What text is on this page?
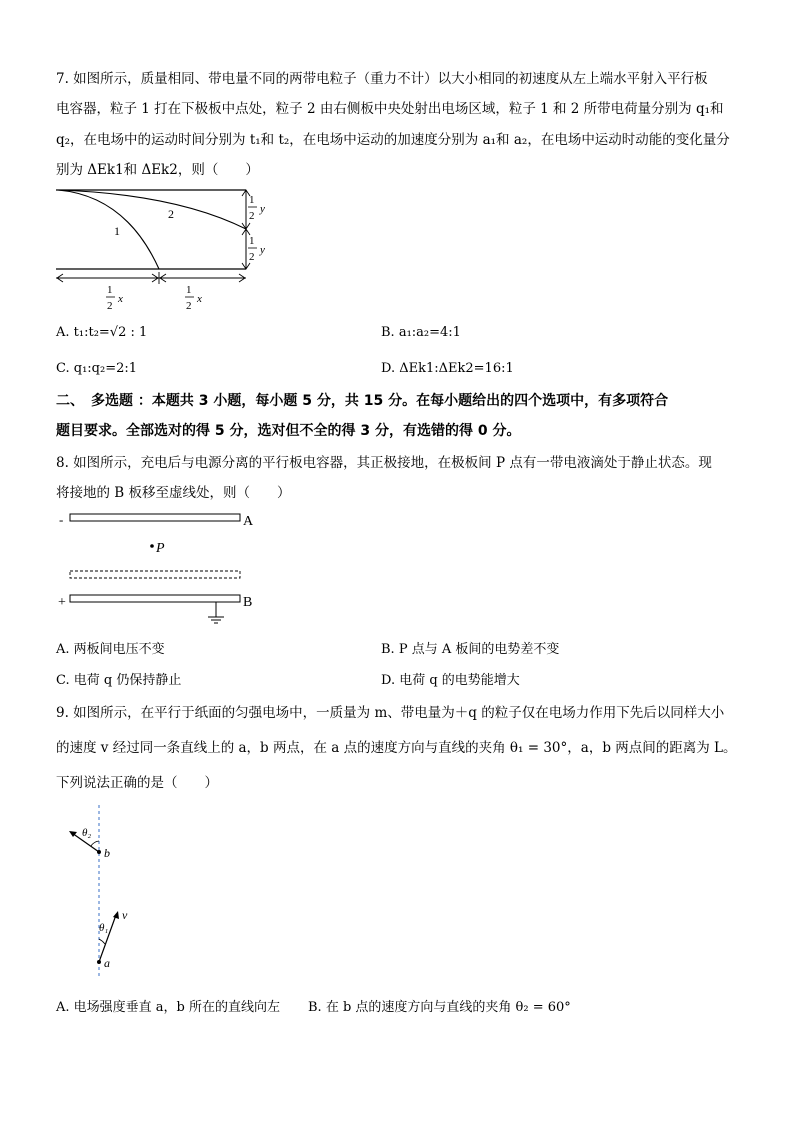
7. 如图所示，质量相同、带电量不同的两带电粒子（重力不计）以大小相同的初速度从左上端水平射入平行板
电容器，粒子 1 打在下极板中点处，粒子 2 由右侧板中央处射出电场区域，粒子 1 和 2 所带电荷量分别为 q₁和
q₂，在电场中的运动时间分别为 t₁和 t₂，在电场中运动的加速度分别为 a₁和 a₂，在电场中运动时动能的变化量分
别为 ΔEk1和 ΔEk2，则（　　）
1
2
1
2
y
1
2
y
1
2
x
1
2
x
A. t₁:t₂=√2 : 1	B. a₁:a₂=4:1
C. q₁:q₂=2:1	D. ΔEk1:ΔEk2=16:1
二、　多选题 ：本题共 3 小题，每小题 5 分，共 15 分。在每小题给出的四个选项中，有多项符合
题目要求。全部选对的得 5 分，选对但不全的得 3 分，有选错的得 0 分。
8. 如图所示，充电后与电源分离的平行板电容器，其正极接地，在极板间 P 点有一带电液滴处于静止状态。现
将接地的 B 板移至虚线处，则（　　）
-	A
P
+	B
A. 两板间电压不变	B. P 点与 A 板间的电势差不变
C. 电荷 q 仍保持静止	D. 电荷 q 的电势能增大
9. 如图所示，在平行于纸面的匀强电场中，一质量为 m、带电量为＋q 的粒子仅在电场力作用下先后以同样大小
的速度 v 经过同一条直线上的 a，b 两点，在 a 点的速度方向与直线的夹角 θ₁ = 30°，a，b 两点间的距离为 L。
下列说法正确的是（　　）
θ₂
b
θ₁
v
a
A. 电场强度垂直 a，b 所在的直线向左 B. 在 b 点的速度方向与直线的夹角 θ₂ = 60°
